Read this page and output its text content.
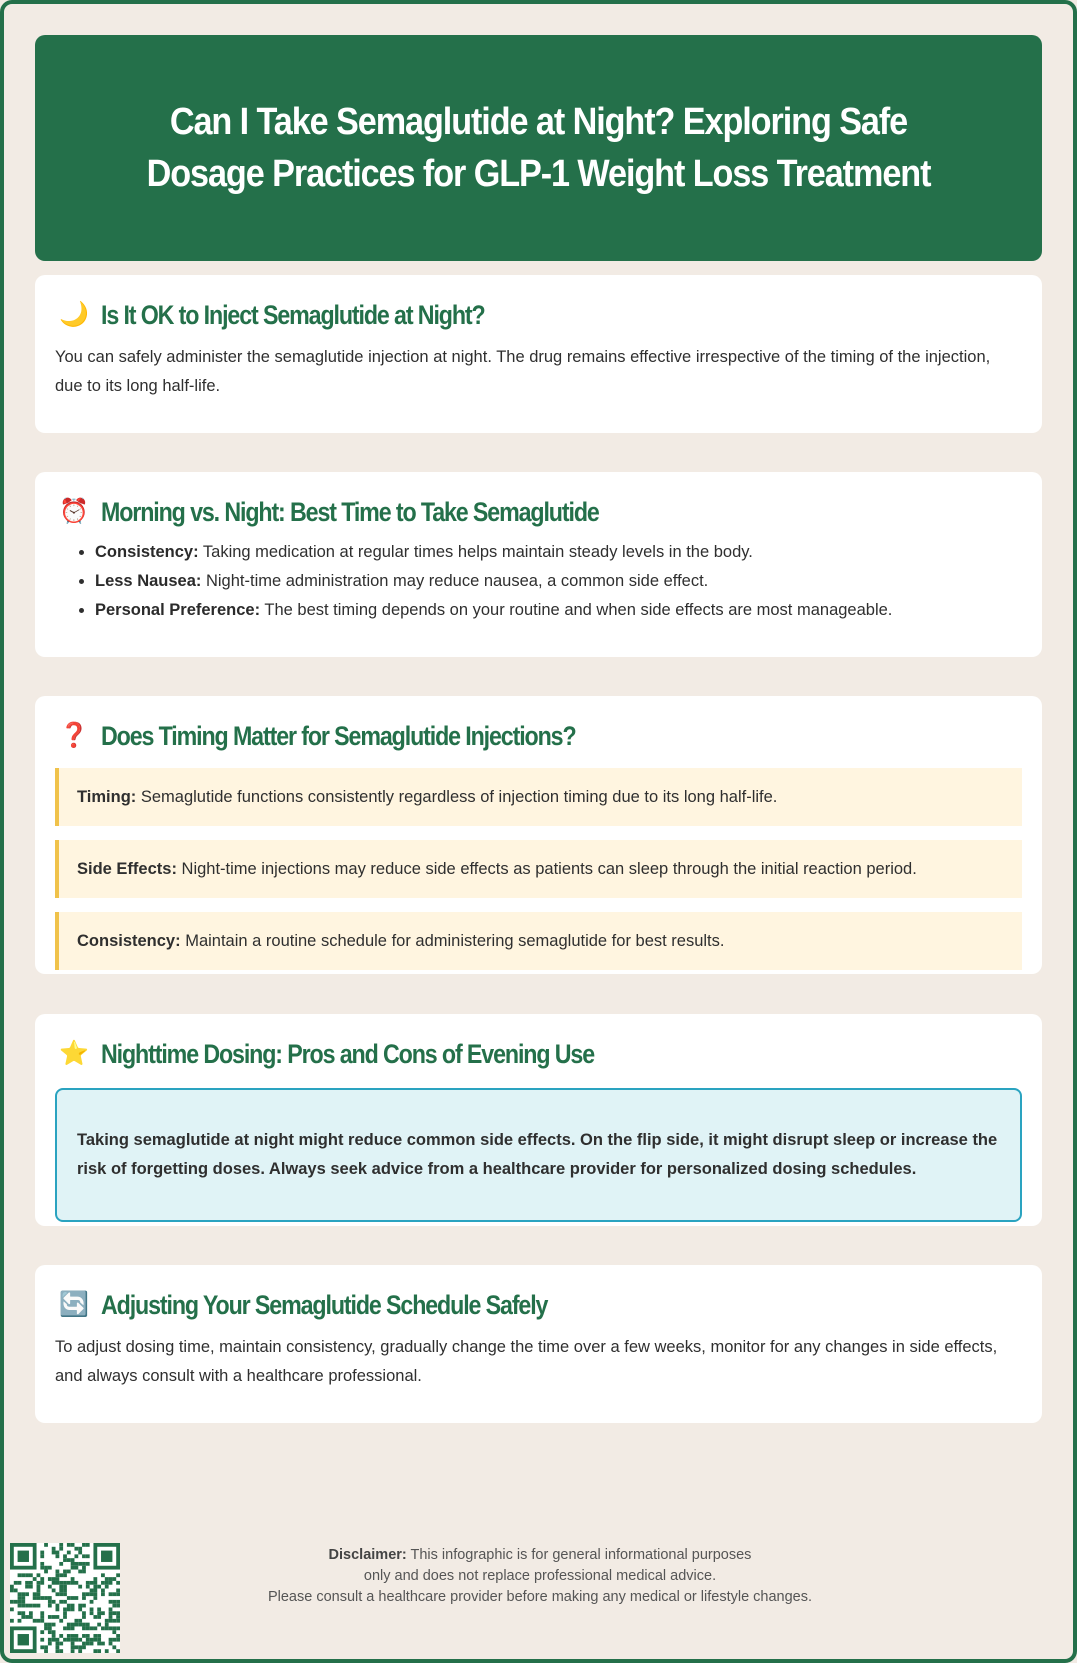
Can I Take Semaglutide at Night? Exploring Safe Dosage Practices for GLP-1 Weight Loss Treatment
🌙 Is It OK to Inject Semaglutide at Night?

You can safely administer the semaglutide injection at night. The drug remains effective irrespective of the timing of the injection, due to its long half-life.

⏰ Morning vs. Night: Best Time to Take Semaglutide
• Consistency: Taking medication at regular times helps maintain steady levels in the body.
• Less Nausea: Night-time administration may reduce nausea, a common side effect.
• Personal Preference: The best timing depends on your routine and when side effects are most manageable.
❓ Does Timing Matter for Semaglutide Injections?
Timing: Semaglutide functions consistently regardless of injection timing due to its long half-life.
Side Effects: Night-time injections may reduce side effects as patients can sleep through the initial reaction period.
Consistency: Maintain a routine schedule for administering semaglutide for best results.
⭐ Nighttime Dosing: Pros and Cons of Evening Use
Taking semaglutide at night might reduce common side effects. On the flip side, it might disrupt sleep or increase the risk of forgetting doses. Always seek advice from a healthcare provider for personalized dosing schedules.
🔄 Adjusting Your Semaglutide Schedule Safely

To adjust dosing time, maintain consistency, gradually change the time over a few weeks, monitor for any changes in side effects, and always consult with a healthcare professional.

Disclaimer: This infographic is for general informational purposes
only and does not replace professional medical advice.
Please consult a healthcare provider before making any medical or lifestyle changes.
